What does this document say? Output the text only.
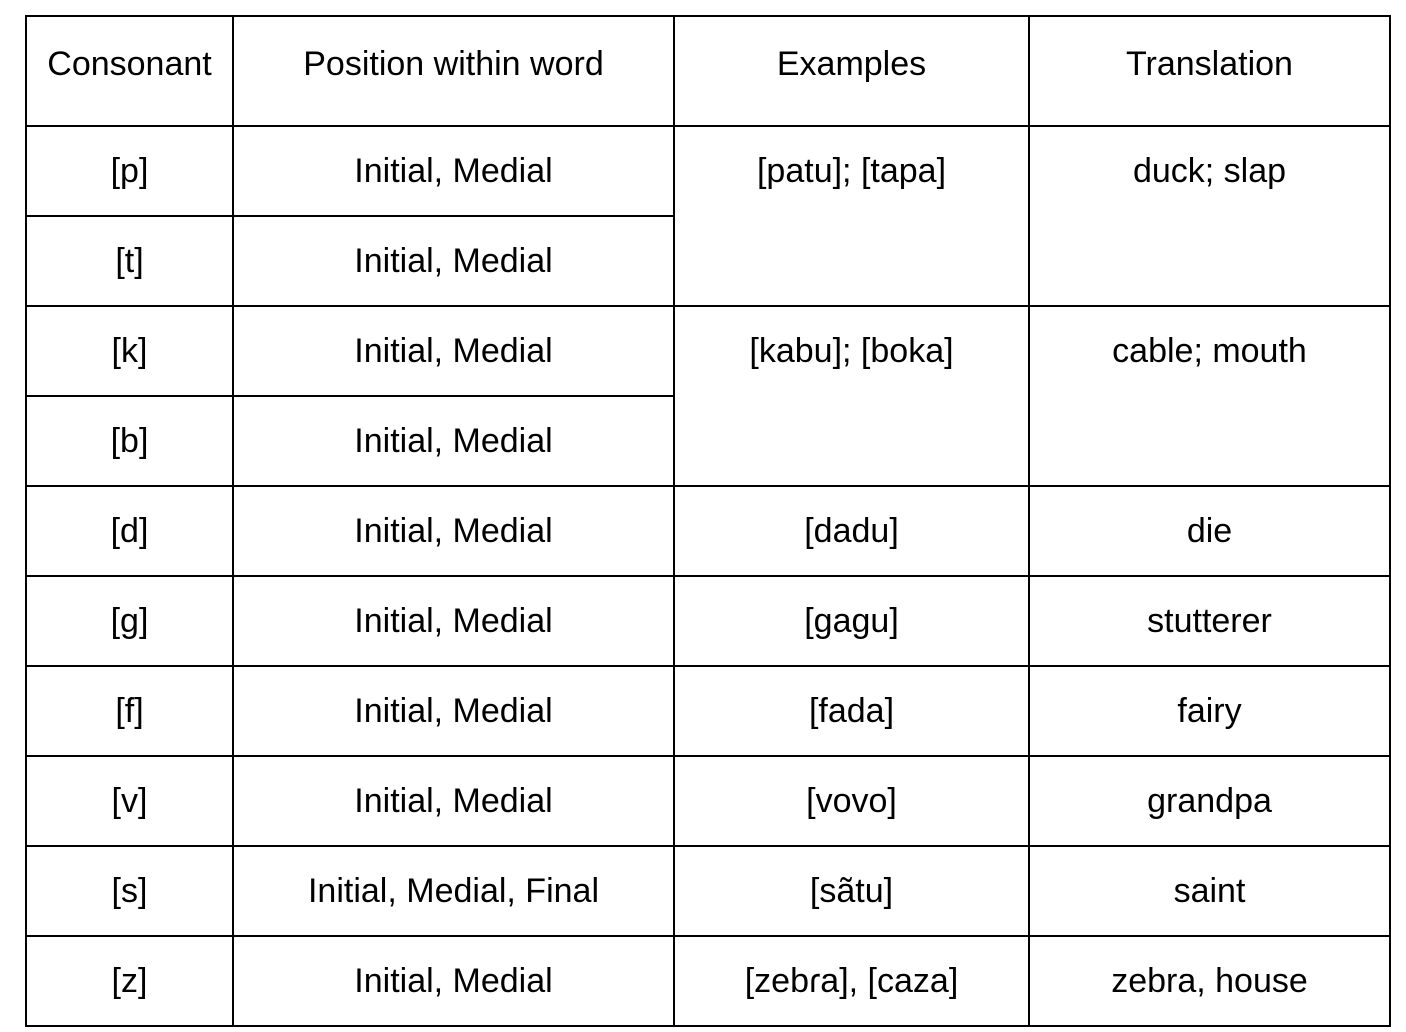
Consonant	Position within word	Examples	Translation
[p]	Initial, Medial	[patu]; [tapa]	duck; slap
[t]	Initial, Medial		
[k]	Initial, Medial	[kabu]; [boka]	cable; mouth
[b]	Initial, Medial		
[d]	Initial, Medial	[dadu]	die
[g]	Initial, Medial	[gagu]	stutterer
[f]	Initial, Medial	[fada]	fairy
[v]	Initial, Medial	[vovo]	grandpa
[s]	Initial, Medial, Final	[sãtu]	saint
[z]	Initial, Medial	[zebɾa], [caza]	zebra, house
